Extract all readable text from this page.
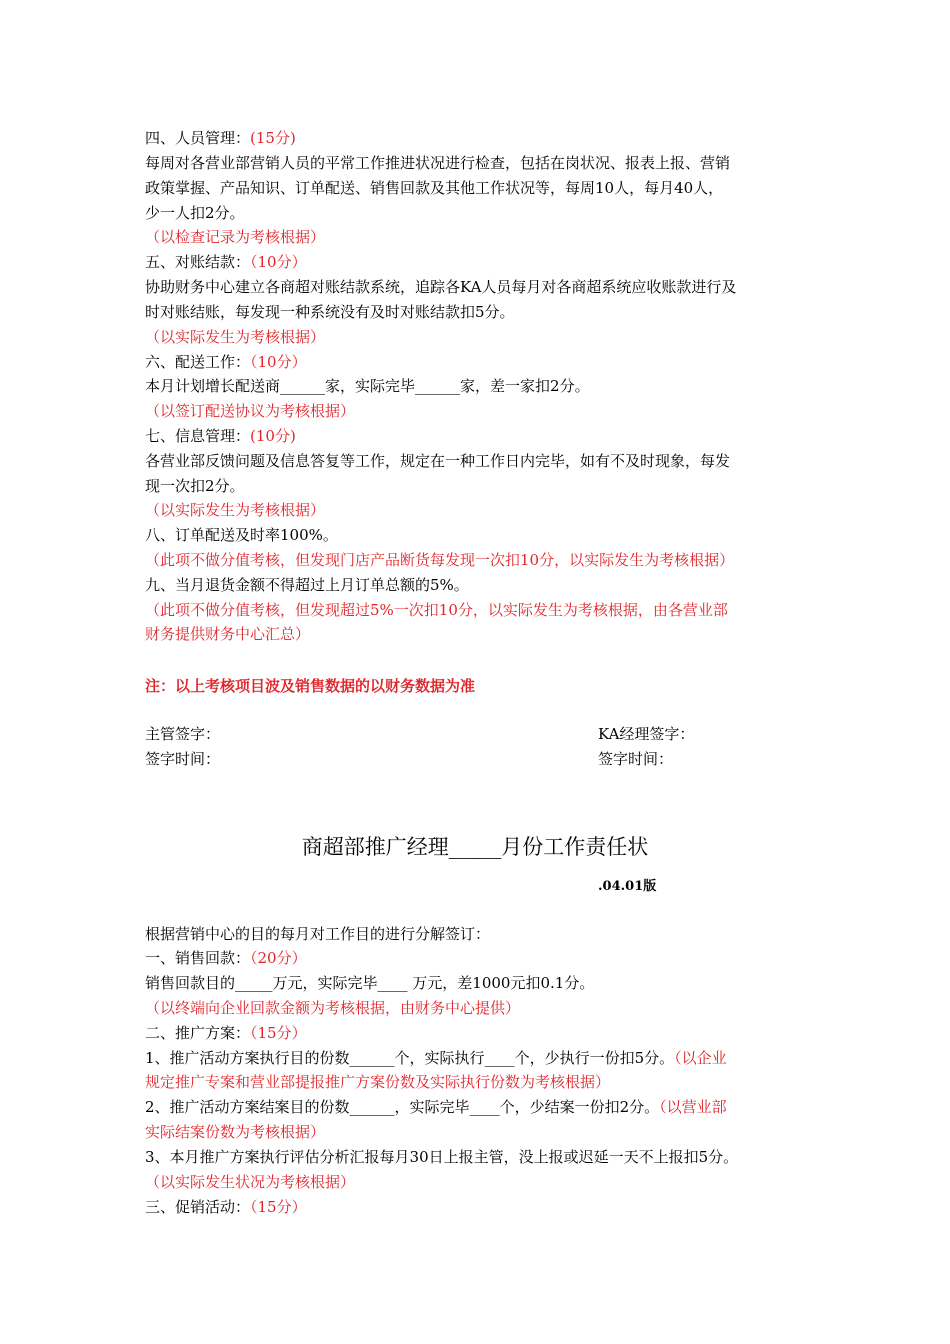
四、人员管理：(15分)
每周对各营业部营销人员的平常工作推进状况进行检查，包括在岗状况、报表上报、营销
政策掌握、产品知识、订单配送、销售回款及其他工作状况等，每周10人，每月40人，
少一人扣2分。
（以检查记录为考核根据）
五、对账结款：（10分）
协助财务中心建立各商超对账结款系统，追踪各KA人员每月对各商超系统应收账款进行及
时对账结账，每发现一种系统没有及时对账结款扣5分。
（以实际发生为考核根据）
六、配送工作：（10分）
本月计划增长配送商______家，实际完毕______家，差一家扣2分。
（以签订配送协议为考核根据）
七、信息管理：(10分)
各营业部反馈问题及信息答复等工作，规定在一种工作日内完毕，如有不及时现象，每发
现一次扣2分。
（以实际发生为考核根据）
八、订单配送及时率100%。
（此项不做分值考核，但发现门店产品断货每发现一次扣10分，以实际发生为考核根据）
九、当月退货金额不得超过上月订单总额的5%。
（此项不做分值考核，但发现超过5%一次扣10分，以实际发生为考核根据，由各营业部
财务提供财务中心汇总）
注：以上考核项目波及销售数据的以财务数据为准
主管签字：
签字时间：
KA经理签字：
签字时间：
商超部推广经理_____月份工作责任状
.04.01版
根据营销中心的目的每月对工作目的进行分解签订：
一、销售回款：（20分）
销售回款目的_____万元，实际完毕____ 万元，差1000元扣0.1分。
（以终端向企业回款金额为考核根据，由财务中心提供）
二、推广方案：（15分）
1、推广活动方案执行目的份数______个，实际执行____个，少执行一份扣5分。（以企业
规定推广专案和营业部提报推广方案份数及实际执行份数为考核根据）
2、推广活动方案结案目的份数______，实际完毕____个，少结案一份扣2分。（以营业部
实际结案份数为考核根据）
3、本月推广方案执行评估分析汇报每月30日上报主管，没上报或迟延一天不上报扣5分。
（以实际发生状况为考核根据）
三、促销活动：（15分）
